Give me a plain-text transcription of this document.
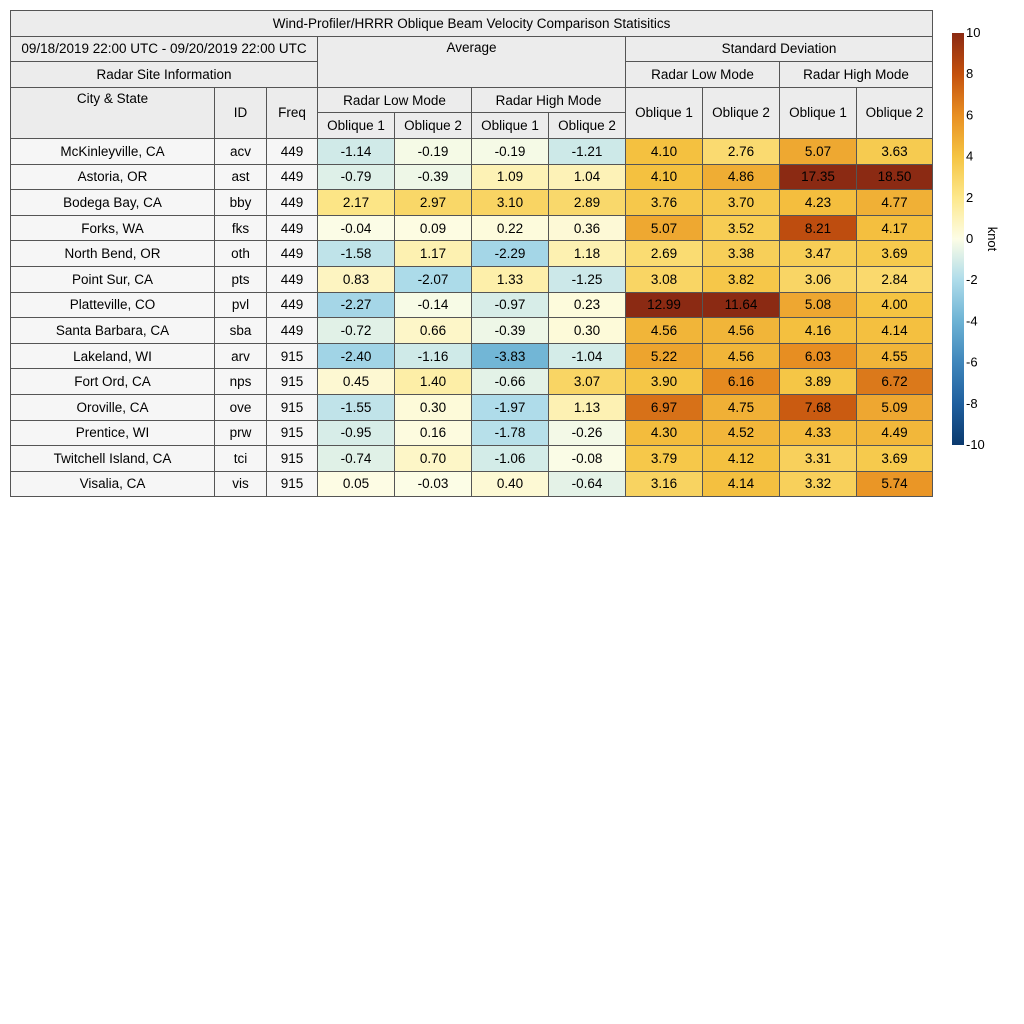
Wind-Profiler/HRRR Oblique Beam Velocity Comparison Statisitics										
09/18/2019 22:00 UTC - 09/20/2019 22:00 UTC			Average				Standard Deviation			
Radar Site Information							Radar Low Mode		Radar High Mode	
City & State	ID	Freq	Radar Low Mode		Radar High Mode		Oblique 1	Oblique 2	Oblique 1	Oblique 2
			Oblique 1	Oblique 2	Oblique 1	Oblique 2				
McKinleyville, CA	acv	449	-1.14	-0.19	-0.19	-1.21	4.10	2.76	5.07	3.63
Astoria, OR	ast	449	-0.79	-0.39	1.09	1.04	4.10	4.86	17.35	18.50
Bodega Bay, CA	bby	449	2.17	2.97	3.10	2.89	3.76	3.70	4.23	4.77
Forks, WA	fks	449	-0.04	0.09	0.22	0.36	5.07	3.52	8.21	4.17
North Bend, OR	oth	449	-1.58	1.17	-2.29	1.18	2.69	3.38	3.47	3.69
Point Sur, CA	pts	449	0.83	-2.07	1.33	-1.25	3.08	3.82	3.06	2.84
Platteville, CO	pvl	449	-2.27	-0.14	-0.97	0.23	12.99	11.64	5.08	4.00
Santa Barbara, CA	sba	449	-0.72	0.66	-0.39	0.30	4.56	4.56	4.16	4.14
Lakeland, WI	arv	915	-2.40	-1.16	-3.83	-1.04	5.22	4.56	6.03	4.55
Fort Ord, CA	nps	915	0.45	1.40	-0.66	3.07	3.90	6.16	3.89	6.72
Oroville, CA	ove	915	-1.55	0.30	-1.97	1.13	6.97	4.75	7.68	5.09
Prentice, WI	prw	915	-0.95	0.16	-1.78	-0.26	4.30	4.52	4.33	4.49
Twitchell Island, CA	tci	915	-0.74	0.70	-1.06	-0.08	3.79	4.12	3.31	3.69
Visalia, CA	vis	915	0.05	-0.03	0.40	-0.64	3.16	4.14	3.32	5.74
10
8
6
4
2
0
-2
-4
-6
-8
-10
knot
